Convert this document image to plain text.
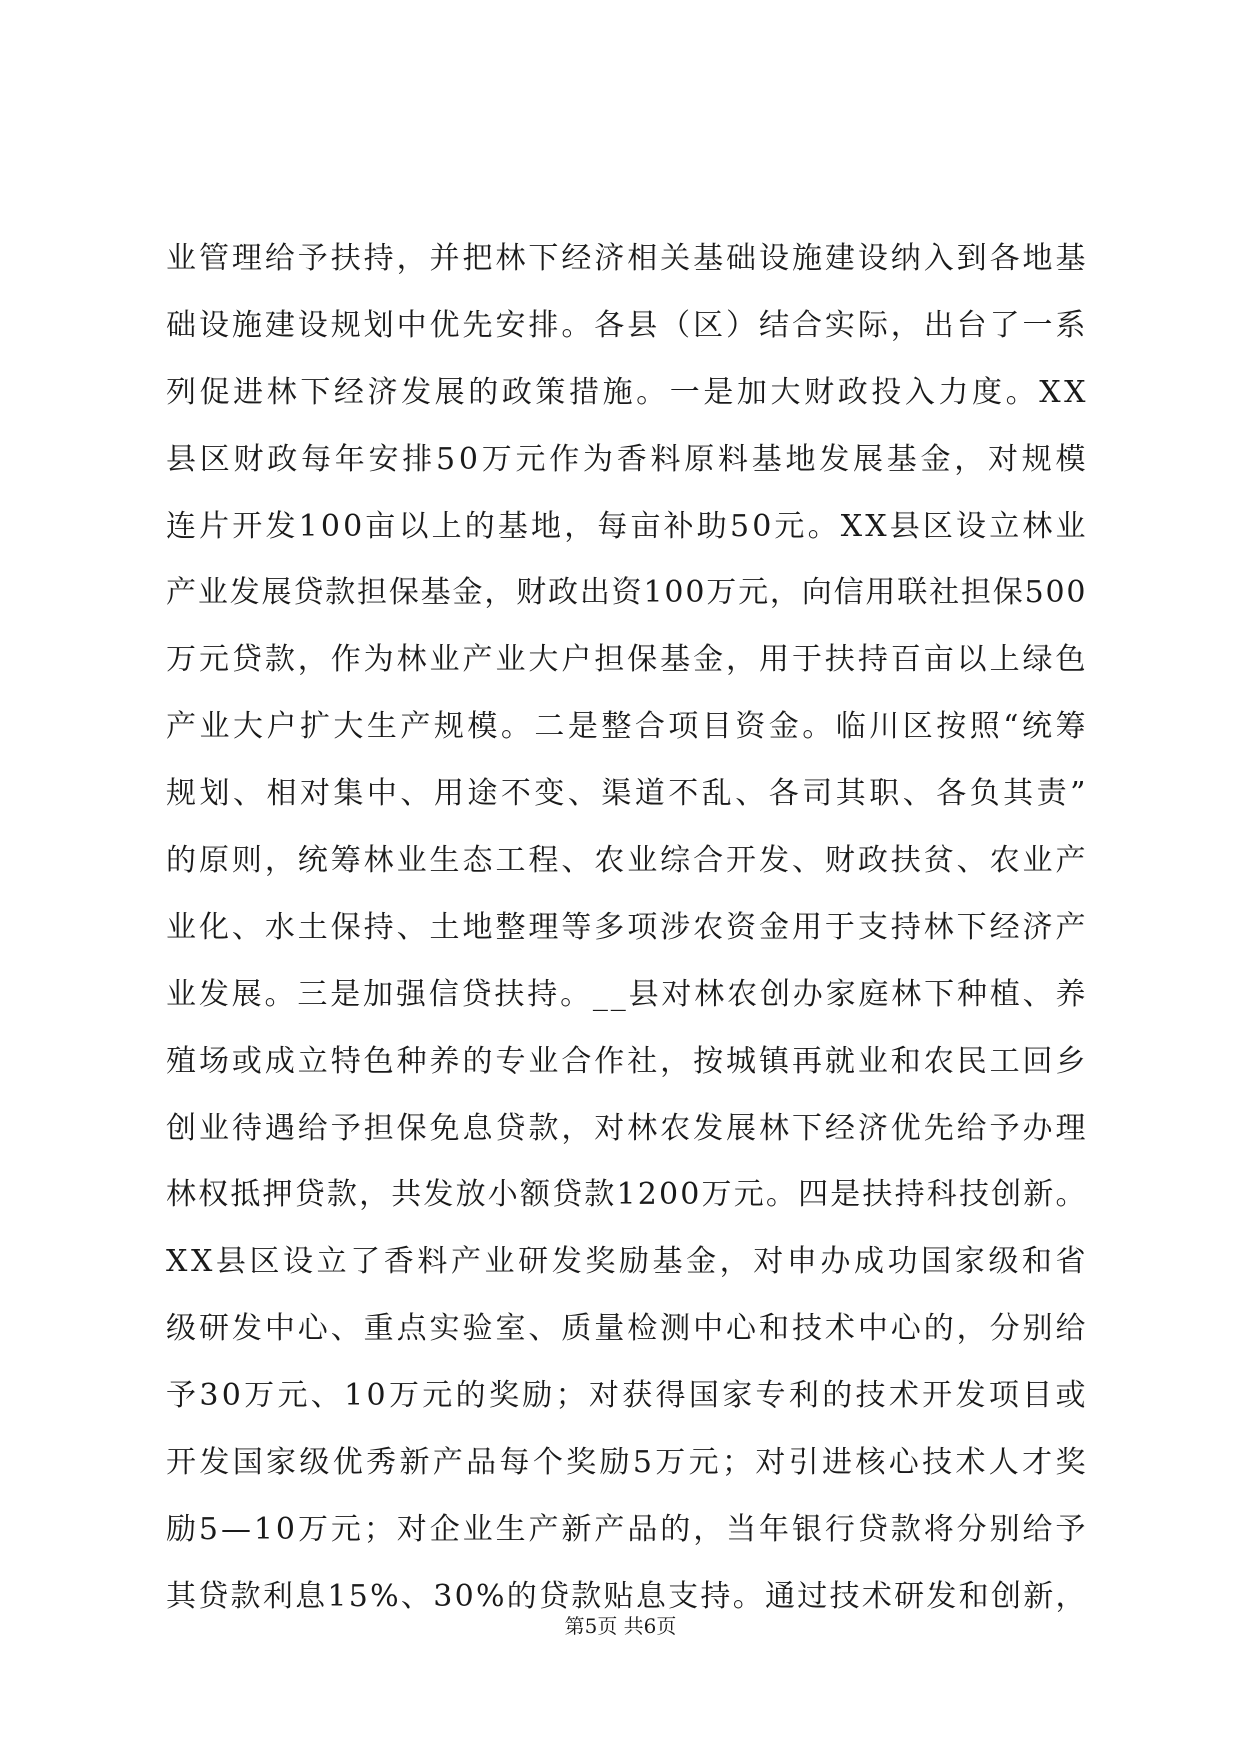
业管理给予扶持，并把林下经济相关基础设施建设纳入到各地基
础设施建设规划中优先安排。各县（区）结合实际，出台了一系
列促进林下经济发展的政策措施。一是加大财政投入力度。XX
县区财政每年安排50万元作为香料原料基地发展基金，对规模
连片开发100亩以上的基地，每亩补助50元。XX县区设立林业
产业发展贷款担保基金，财政出资100万元，向信用联社担保500
万元贷款，作为林业产业大户担保基金，用于扶持百亩以上绿色
产业大户扩大生产规模。二是整合项目资金。临川区按照“统筹
规划、相对集中、用途不变、渠道不乱、各司其职、各负其责”
的原则，统筹林业生态工程、农业综合开发、财政扶贫、农业产
业化、水土保持、土地整理等多项涉农资金用于支持林下经济产
业发展。三是加强信贷扶持。__县对林农创办家庭林下种植、养
殖场或成立特色种养的专业合作社，按城镇再就业和农民工回乡
创业待遇给予担保免息贷款，对林农发展林下经济优先给予办理
林权抵押贷款，共发放小额贷款1200万元。四是扶持科技创新。
XX县区设立了香料产业研发奖励基金，对申办成功国家级和省
级研发中心、重点实验室、质量检测中心和技术中心的，分别给
予30万元、10万元的奖励；对获得国家专利的技术开发项目或
开发国家级优秀新产品每个奖励5万元；对引进核心技术人才奖
励5—10万元；对企业生产新产品的，当年银行贷款将分别给予
其贷款利息15%、30%的贷款贴息支持。通过技术研发和创新，
第5页 共6页
